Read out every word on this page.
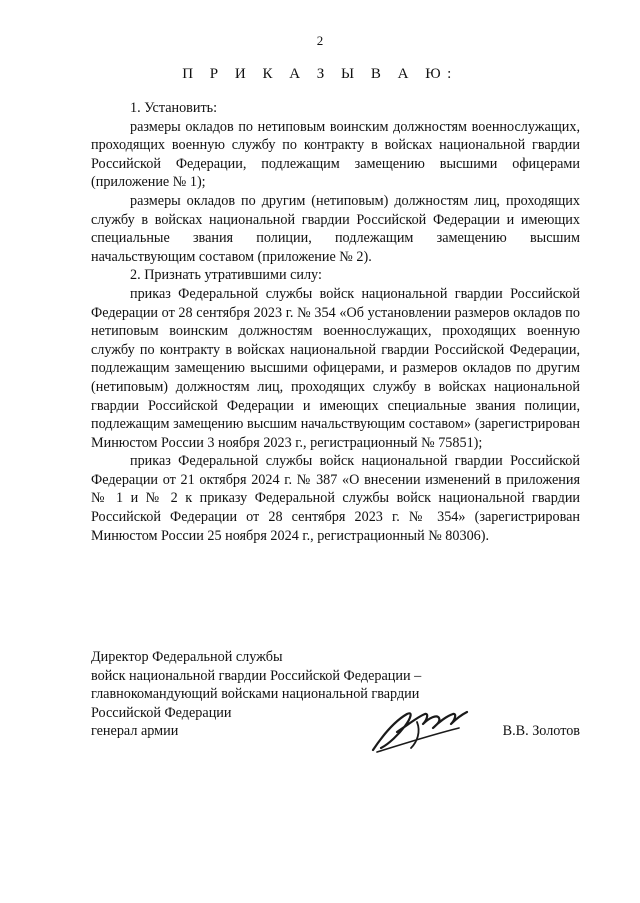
2
П Р И К А З Ы В А Ю:

1. Установить:

размеры окладов по нетиповым воинским должностям военнослужащих, проходящих военную службу по контракту в войсках национальной гвардии Российской Федерации, подлежащим замещению высшими офицерами (приложение № 1);

размеры окладов по другим (нетиповым) должностям лиц, проходящих службу в войсках национальной гвардии Российской Федерации и имеющих специальные звания полиции, подлежащим замещению высшим начальствующим составом (приложение № 2).

2. Признать утратившими силу:

приказ Федеральной службы войск национальной гвардии Российской Федерации от 28 сентября 2023 г. № 354 «Об установлении размеров окладов по нетиповым воинским должностям военнослужащих, проходящих военную службу по контракту в войсках национальной гвардии Российской Федерации, подлежащим замещению высшими офицерами, и размеров окладов по другим (нетиповым) должностям лиц, проходящих службу в войсках национальной гвардии Российской Федерации и имеющих специальные звания полиции, подлежащим замещению высшим начальствующим составом» (зарегистрирован Минюстом России 3 ноября 2023 г., регистрационный № 75851);

приказ Федеральной службы войск национальной гвардии Российской Федерации от 21 октября 2024 г. № 387 «О внесении изменений в приложения № 1 и № 2 к приказу Федеральной службы войск национальной гвардии Российской Федерации от 28 сентября 2023 г. № 354» (зарегистрирован Минюстом России 25 ноября 2024 г., регистрационный № 80306).

Директор Федеральной службы
войск национальной гвардии Российской Федерации –
главнокомандующий войсками национальной гвардии
Российской Федерации
генерал армии	В.В. Золотов
